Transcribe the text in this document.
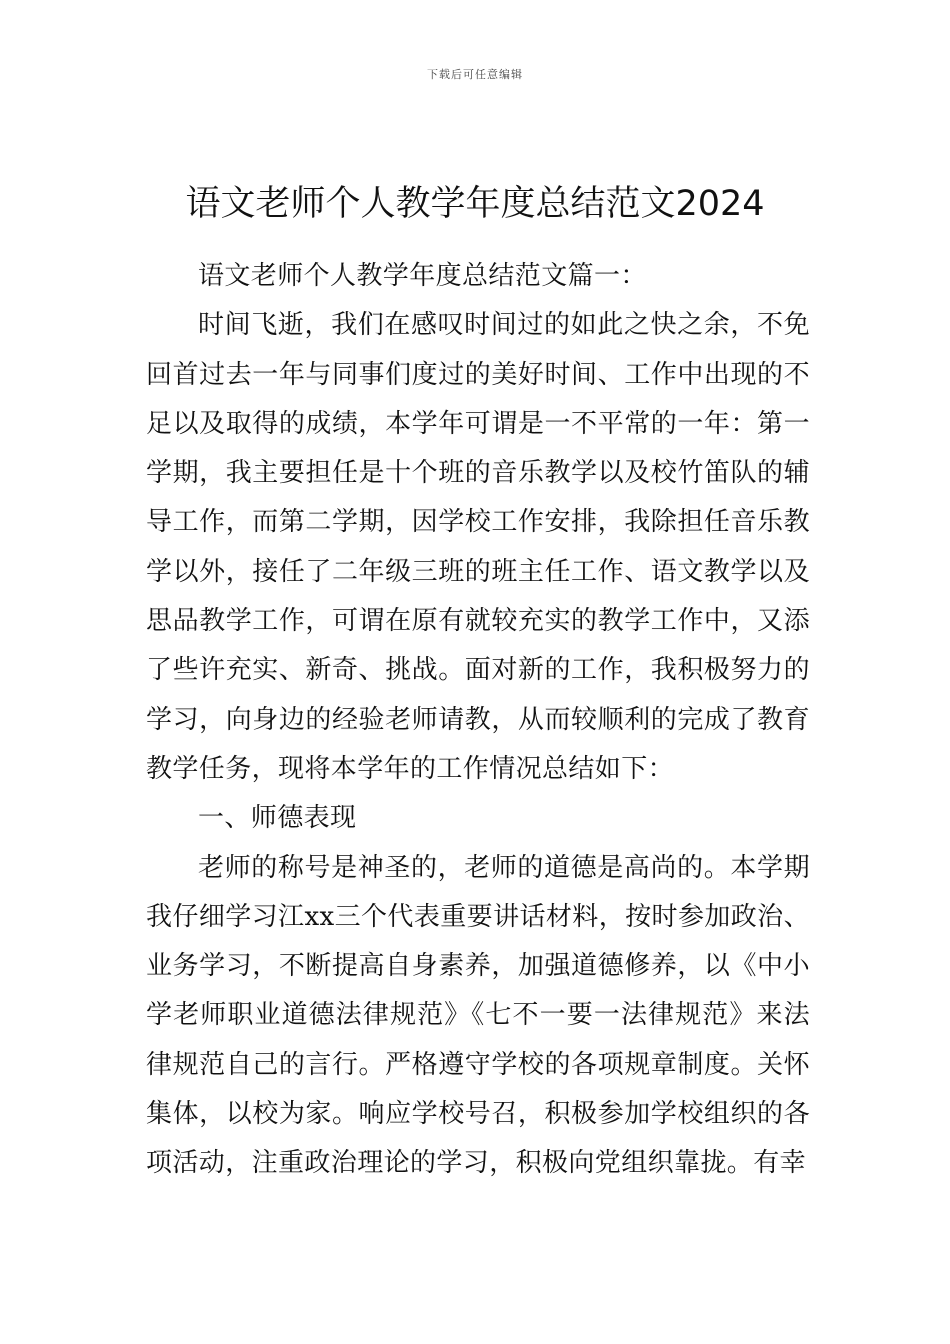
下载后可任意编辑
语文老师个人教学年度总结范文2024

语文老师个人教学年度总结范文篇一：

时间飞逝，我们在感叹时间过的如此之快之余，不免回首过去一年与同事们度过的美好时间、工作中出现的不足以及取得的成绩，本学年可谓是一不平常的一年：第一学期，我主要担任是十个班的音乐教学以及校竹笛队的辅导工作，而第二学期，因学校工作安排，我除担任音乐教学以外，接任了二年级三班的班主任工作、语文教学以及思品教学工作，可谓在原有就较充实的教学工作中，又添了些许充实、新奇、挑战。面对新的工作，我积极努力的学习，向身边的经验老师请教，从而较顺利的完成了教育教学任务，现将本学年的工作情况总结如下：

一、师德表现

老师的称号是神圣的，老师的道德是高尚的。本学期我仔细学习江xx三个代表重要讲话材料，按时参加政治、业务学习，不断提高自身素养，加强道德修养，以《中小学老师职业道德法律规范》《七不一要一法律规范》来法律规范自己的言行。严格遵守学校的各项规章制度。关怀集体，以校为家。响应学校号召，积极参加学校组织的各项活动，注重政治理论的学习，积极向党组织靠拢。有幸
